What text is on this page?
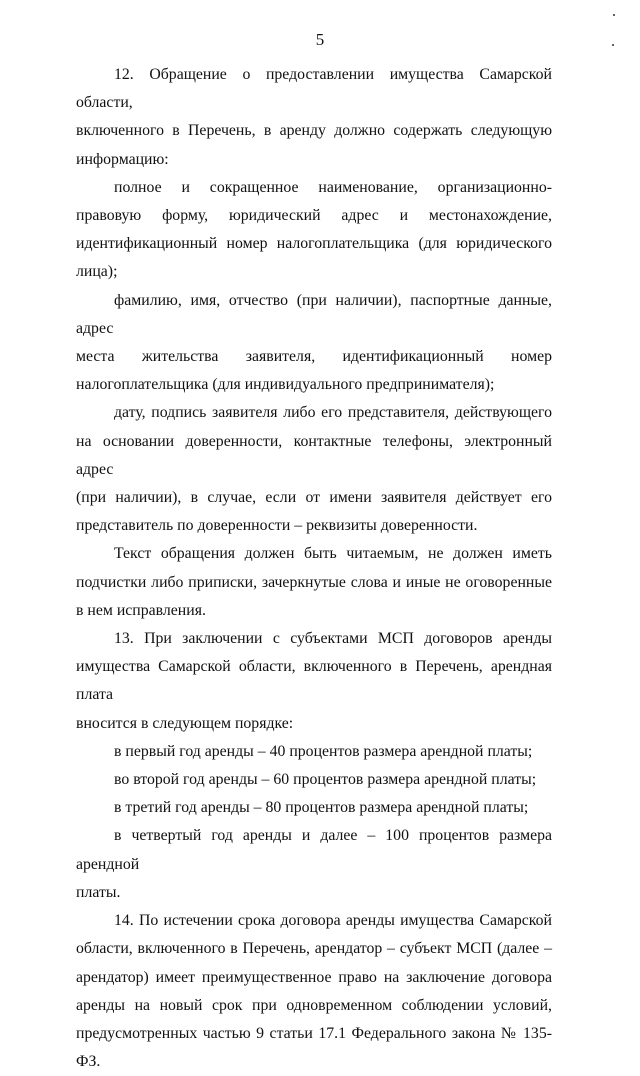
5

12. Обращение о предоставлении имущества Самарской области,

включенного в Перечень, в аренду должно содержать следующую

информацию:

полное и сокращенное наименование, организационно-

правовую форму, юридический адрес и местонахождение,

идентификационный номер налогоплательщика (для юридического лица);

фамилию, имя, отчество (при наличии), паспортные данные, адрес

места жительства заявителя, идентификационный номер

налогоплательщика (для индивидуального предпринимателя);

дату, подпись заявителя либо его представителя, действующего

на основании доверенности, контактные телефоны, электронный адрес

(при наличии), в случае, если от имени заявителя действует его

представитель по доверенности – реквизиты доверенности.

Текст обращения должен быть читаемым, не должен иметь

подчистки либо приписки, зачеркнутые слова и иные не оговоренные

в нем исправления.

13. При заключении с субъектами МСП договоров аренды

имущества Самарской области, включенного в Перечень, арендная плата

вносится в следующем порядке:

в первый год аренды – 40 процентов размера арендной платы;

во второй год аренды – 60 процентов размера арендной платы;

в третий год аренды – 80 процентов размера арендной платы;

в четвертый год аренды и далее – 100 процентов размера арендной

платы.

14. По истечении срока договора аренды имущества Самарской

области, включенного в Перечень, арендатор – субъект МСП (далее –

арендатор) имеет преимущественное право на заключение договора

аренды на новый срок при одновременном соблюдении условий,

предусмотренных частью 9 статьи 17.1 Федерального закона № 135-ФЗ.
